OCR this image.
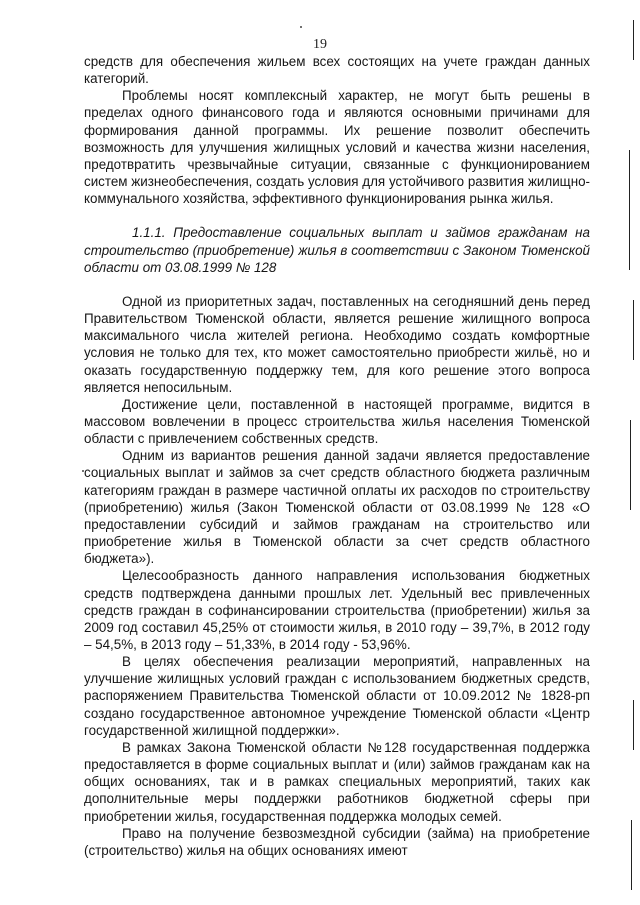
19

средств для обеспечения жильем всех состоящих на учете граждан данных категорий.

Проблемы носят комплексный характер, не могут быть решены в пределах одного финансового года и являются основными причинами для формирования данной программы. Их решение позволит обеспечить возможность для улучшения жилищных условий и качества жизни населения, предотвратить чрезвычайные ситуации, связанные с функционированием систем жизнеобеспечения, создать условия для устойчивого развития жилищно-коммунального хозяйства, эффективного функционирования рынка жилья.

1.1.1. Предоставление социальных выплат и займов гражданам на строительство (приобретение) жилья в соответствии с Законом Тюменской области от 03.08.1999 № 128

Одной из приоритетных задач, поставленных на сегодняшний день перед Правительством Тюменской области, является решение жилищного вопроса максимального числа жителей региона. Необходимо создать комфортные условия не только для тех, кто может самостоятельно приобрести жильё, но и оказать государственную поддержку тем, для кого решение этого вопроса является непосильным.

Достижение цели, поставленной в настоящей программе, видится в массовом вовлечении в процесс строительства жилья населения Тюменской области с привлечением собственных средств.

Одним из вариантов решения данной задачи является предоставление социальных выплат и займов за счет средств областного бюджета различным категориям граждан в размере частичной оплаты их расходов по строительству (приобретению) жилья (Закон Тюменской области от 03.08.1999 № 128 «О предоставлении субсидий и займов гражданам на строительство или приобретение жилья в Тюменской области за счет средств областного бюджета»).

Целесообразность данного направления использования бюджетных средств подтверждена данными прошлых лет. Удельный вес привлеченных средств граждан в софинансировании строительства (приобретении) жилья за 2009 год составил 45,25% от стоимости жилья, в 2010 году – 39,7%, в 2012 году – 54,5%, в 2013 году – 51,33%, в 2014 году - 53,96%.

В целях обеспечения реализации мероприятий, направленных на улучшение жилищных условий граждан с использованием бюджетных средств, распоряжением Правительства Тюменской области от 10.09.2012 № 1828-рп создано государственное автономное учреждение Тюменской области «Центр государственной жилищной поддержки».

В рамках Закона Тюменской области №128 государственная поддержка предоставляется в форме социальных выплат и (или) займов гражданам как на общих основаниях, так и в рамках специальных мероприятий, таких как дополнительные меры поддержки работников бюджетной сферы при приобретении жилья, государственная поддержка молодых семей.

Право на получение безвозмездной субсидии (займа) на приобретение (строительство) жилья на общих основаниях имеют
